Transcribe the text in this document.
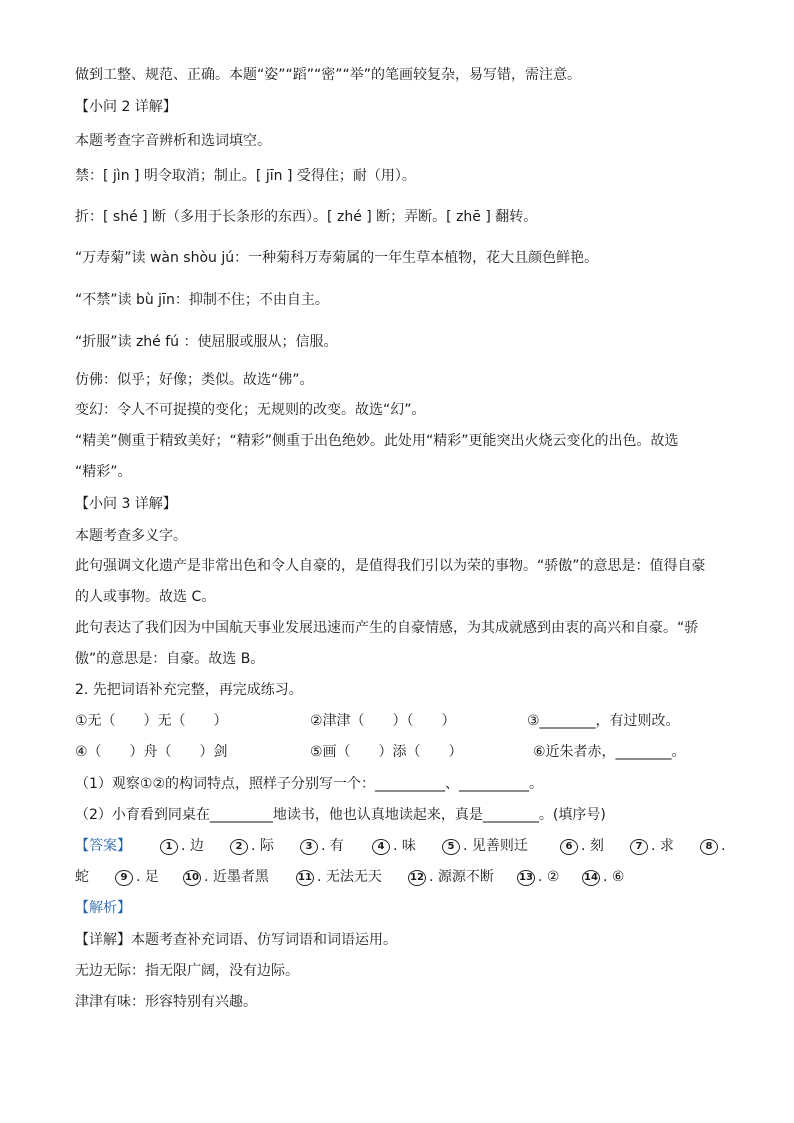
做到工整、规范、正确。本题“姿”“蹈”“密”“举”的笔画较复杂，易写错，需注意。
【小问 2 详解】
本题考查字音辨析和选词填空。
禁：[ jìn ] 明令取消；制止。[ jīn ] 受得住；耐（用）。
折：[ shé ] 断（多用于长条形的东西）。[ zhé ] 断；弄断。[ zhē ] 翻转。
“万寿菊”读 wàn shòu jú：一种菊科万寿菊属的一年生草本植物，花大且颜色鲜艳。
“不禁”读 bù jīn：抑制不住；不由自主。
“折服”读 zhé fú ：使屈服或服从；信服。
仿佛：似乎；好像；类似。故选“佛”。
变幻：令人不可捉摸的变化；无规则的改变。故选“幻”。
“精美”侧重于精致美好；“精彩”侧重于出色绝妙。此处用“精彩”更能突出火烧云变化的出色。故选
“精彩”。
【小问 3 详解】
本题考查多义字。
此句强调文化遗产是非常出色和令人自豪的，是值得我们引以为荣的事物。“骄傲”的意思是：值得自豪
的人或事物。故选 C。
此句表达了我们因为中国航天事业发展迅速而产生的自豪情感，为其成就感到由衷的高兴和自豪。“骄
傲”的意思是：自豪。故选 B。
2. 先把词语补充完整，再完成练习。
①无（　　）无（　　）	②津津（　　）（　　）	③________，有过则改。
④（　　）舟（　　）剑	⑤画（　　）添（　　）	⑥近朱者赤，________。
（1）观察①②的构词特点，照样子分别写一个：__________、__________。
（2）小育看到同桌在_________地读书，他也认真地读起来，真是________。(填序号)
【答案】	1 . 边	2 . 际	3 . 有	4 . 味	5 . 见善则迁	6 . 刻	7 . 求	8 .
蛇	9 . 足	10 . 近墨者黑	11 . 无法无天	12 . 源源不断	13 . ② 14 . ⑥
【解析】
【详解】本题考查补充词语、仿写词语和词语运用。
无边无际：指无限广阔，没有边际。
津津有味：形容特别有兴趣。
